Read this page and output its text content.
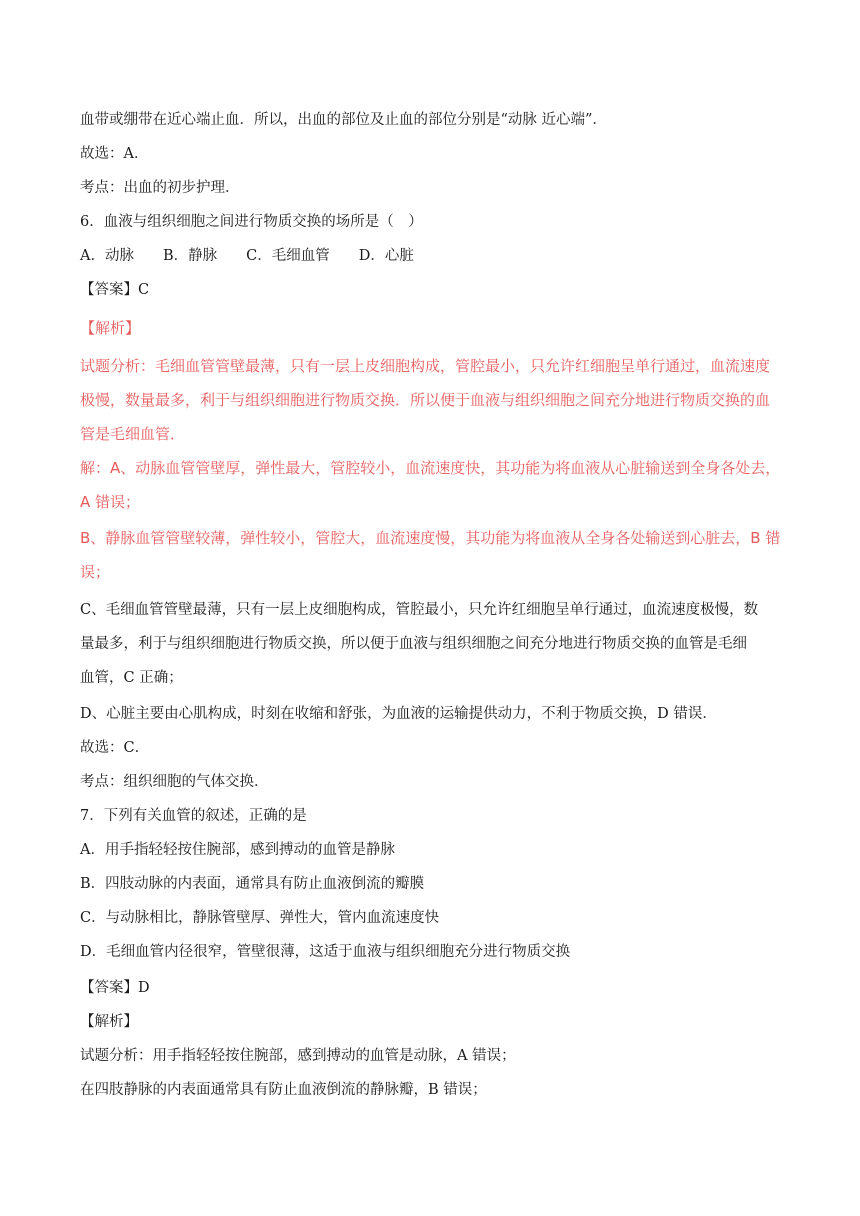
血带或绷带在近心端止血．所以，出血的部位及止血的部位分别是“动脉 近心端”．
故选：A．
考点：出血的初步护理．
6．血液与组织细胞之间进行物质交换的场所是（　）
A．动脉　　B．静脉　　C．毛细血管　　D．心脏
【答案】C
【解析】
试题分析：毛细血管管壁最薄，只有一层上皮细胞构成，管腔最小，只允许红细胞呈单行通过，血流速度
极慢，数量最多，利于与组织细胞进行物质交换．所以便于血液与组织细胞之间充分地进行物质交换的血
管是毛细血管．
解：A、动脉血管管壁厚，弹性最大，管腔较小，血流速度快，其功能为将血液从心脏输送到全身各处去，
A 错误；
B、静脉血管管壁较薄，弹性较小，管腔大，血流速度慢，其功能为将血液从全身各处输送到心脏去，B 错
误；
C、毛细血管管壁最薄，只有一层上皮细胞构成，管腔最小，只允许红细胞呈单行通过，血流速度极慢，数
量最多，利于与组织细胞进行物质交换，所以便于血液与组织细胞之间充分地进行物质交换的血管是毛细
血管，C 正确；
D、心脏主要由心肌构成，时刻在收缩和舒张，为血液的运输提供动力，不利于物质交换，D 错误．
故选：C．
考点：组织细胞的气体交换．
7．下列有关血管的叙述，正确的是
A．用手指轻轻按住腕部，感到搏动的血管是静脉
B．四肢动脉的内表面，通常具有防止血液倒流的瓣膜
C．与动脉相比，静脉管壁厚、弹性大，管内血流速度快
D．毛细血管内径很窄，管壁很薄，这适于血液与组织细胞充分进行物质交换
【答案】D
【解析】
试题分析：用手指轻轻按住腕部，感到搏动的血管是动脉，A 错误；
在四肢静脉的内表面通常具有防止血液倒流的静脉瓣，B 错误；
